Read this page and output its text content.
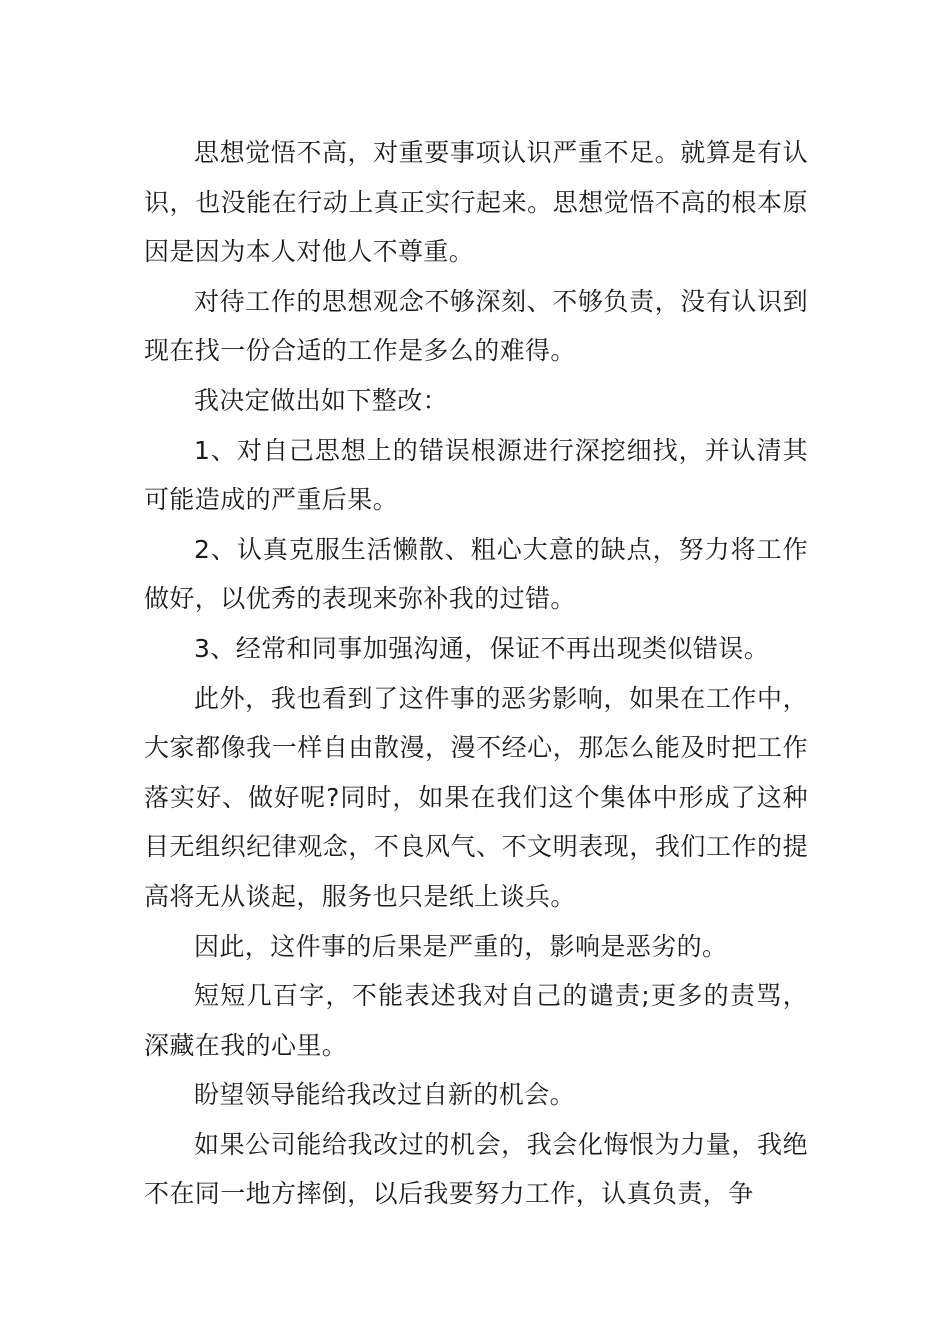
思想觉悟不高，对重要事项认识严重不足。就算是有认识，也没能在行动上真正实行起来。思想觉悟不高的根本原因是因为本人对他人不尊重。

对待工作的思想观念不够深刻、不够负责，没有认识到现在找一份合适的工作是多么的难得。

我决定做出如下整改：

1、对自己思想上的错误根源进行深挖细找，并认清其可能造成的严重后果。

2、认真克服生活懒散、粗心大意的缺点，努力将工作做好，以优秀的表现来弥补我的过错。

3、经常和同事加强沟通，保证不再出现类似错误。

此外，我也看到了这件事的恶劣影响，如果在工作中，大家都像我一样自由散漫，漫不经心，那怎么能及时把工作落实好、做好呢?同时，如果在我们这个集体中形成了这种目无组织纪律观念，不良风气、不文明表现，我们工作的提高将无从谈起，服务也只是纸上谈兵。

因此，这件事的后果是严重的，影响是恶劣的。

短短几百字，不能表述我对自己的谴责;更多的责骂，深藏在我的心里。

盼望领导能给我改过自新的机会。

如果公司能给我改过的机会，我会化悔恨为力量，我绝不在同一地方摔倒，以后我要努力工作，认真负责，争
